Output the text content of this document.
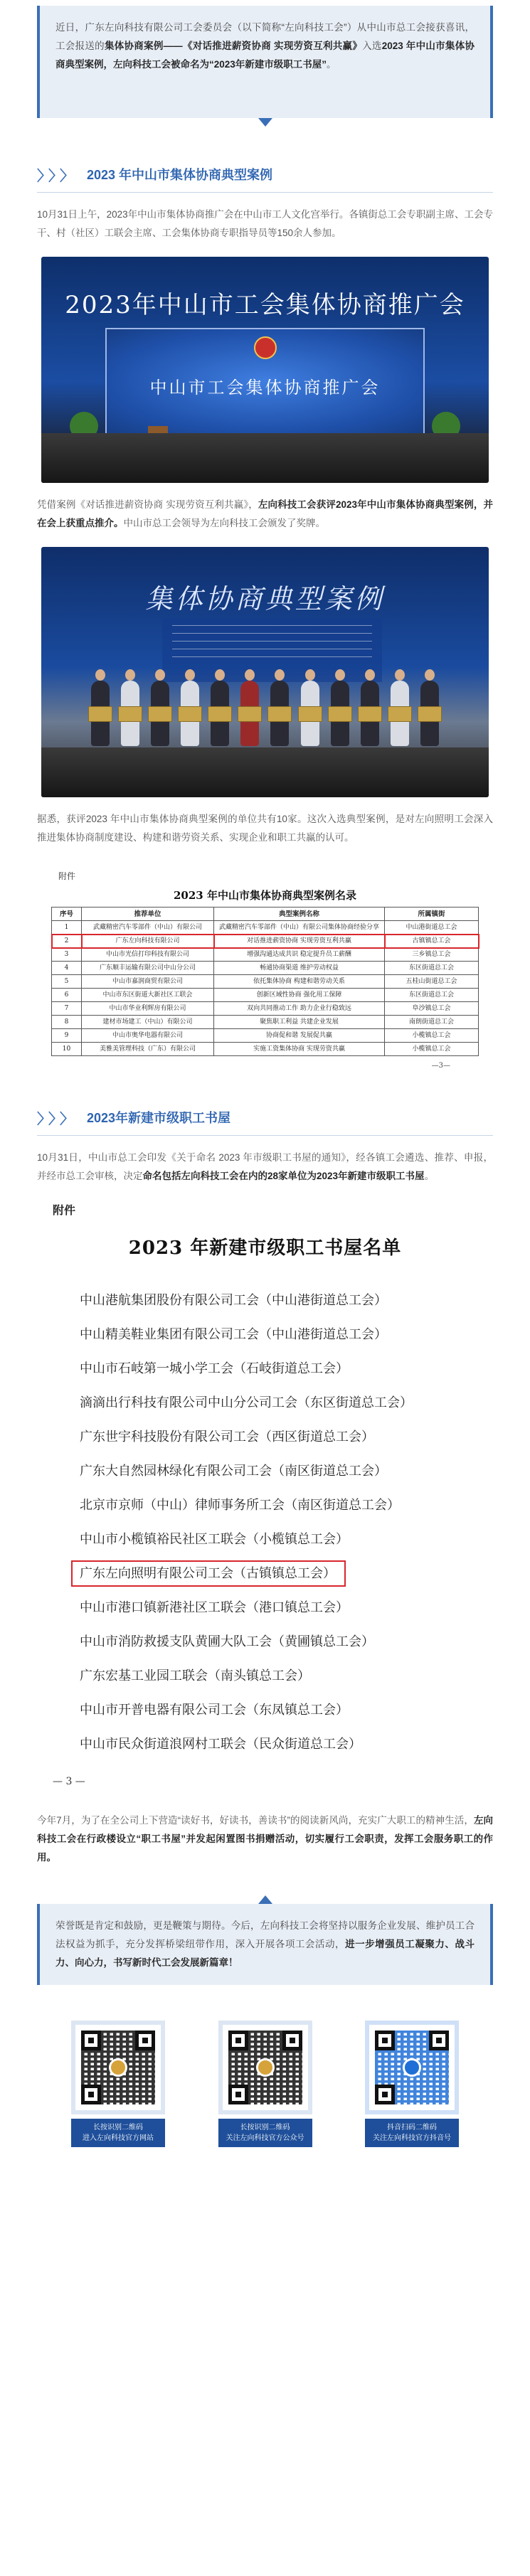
近日，广东左向科技有限公司工会委员会（以下简称“左向科技工会”）从中山市总工会接获喜讯，工会报送的集体协商案例——《对话推进薪资协商 实现劳资互利共赢》入选2023 年中山市集体协商典型案例，左向科技工会被命名为“2023年新建市级职工书屋”。
〉〉〉 2023 年中山市集体协商典型案例

10月31日上午，2023年中山市集体协商推广会在中山市工人文化宫举行。各镇街总工会专职副主席、工会专干、村（社区）工联会主席、工会集体协商专职指导员等150余人参加。

2023年中山市工会集体协商推广会
中山市工会集体协商推广会

凭借案例《对话推进薪资协商 实现劳资互利共赢》，左向科技工会获评2023年中山市集体协商典型案例，并在会上获重点推介。中山市总工会领导为左向科技工会颁发了奖牌。

集体协商典型案例

据悉，获评2023 年中山市集体协商典型案例的单位共有10家。这次入选典型案例，是对左向照明工会深入推进集体协商制度建设、构建和谐劳资关系、实现企业和职工共赢的认可。

附件
2023 年中山市集体协商典型案例名录
序号	推荐单位	典型案例名称	所属镇街
1	武藏精密汽车零部件（中山）有限公司	武藏精密汽车零部件（中山）有限公司集体协商经验分享	中山港街道总工会
2	广东左向科技有限公司	对话推进薪资协商 实现劳资互利共赢	古镇镇总工会
3	中山市光信打印科技有限公司	增强沟通达成共识 稳定提升员工薪酬	三乡镇总工会
4	广东顺丰运输有限公司中山分公司	畅通协商渠道 维护劳动权益	东区街道总工会
5	中山市嘉润商贸有限公司	依托集体协商 构建和谐劳动关系	五桂山街道总工会
6	中山市东区街道大新社区工联会	创新区域性协商 强化用工保障	东区街道总工会
7	中山市华业利辉房有限公司	双向共同推动工作 助力企业行稳致远	阜沙镇总工会
8	建材市场建工（中山）有限公司	聚焦职工利益 共建企业发展	南朗街道总工会
9	中山市奥华电器有限公司	协商促和谐 发展促共赢	小榄镇总工会
10	美雅美管理科技（广东）有限公司	实施工资集体协商 实现劳资共赢	小榄镇总工会
—3—
〉〉〉 2023年新建市级职工书屋

10月31日，中山市总工会印发《关于命名 2023 年市级职工书屋的通知》，经各镇工会遴选、推荐、申报，并经市总工会审核，决定命名包括左向科技工会在内的28家单位为2023年新建市级职工书屋。

附件
2023 年新建市级职工书屋名单
中山港航集团股份有限公司工会（中山港街道总工会）
中山精美鞋业集团有限公司工会（中山港街道总工会）
中山市石岐第一城小学工会（石岐街道总工会）
滴滴出行科技有限公司中山分公司工会（东区街道总工会）
广东世宇科技股份有限公司工会（西区街道总工会）
广东大自然园林绿化有限公司工会（南区街道总工会）
北京市京师（中山）律师事务所工会（南区街道总工会）
中山市小榄镇裕民社区工联会（小榄镇总工会）
广东左向照明有限公司工会（古镇镇总工会）
中山市港口镇新港社区工联会（港口镇总工会）
中山市消防救援支队黄圃大队工会（黄圃镇总工会）
广东宏基工业园工联会（南头镇总工会）
中山市开普电器有限公司工会（东凤镇总工会）
中山市民众街道浪网村工联会（民众街道总工会）
— 3 —

今年7月，为了在全公司上下营造“读好书，好读书，善读书”的阅读新风尚，充实广大职工的精神生活，左向科技工会在行政楼设立“职工书屋”并发起闲置图书捐赠活动，切实履行工会职责，发挥工会服务职工的作用。

荣誉既是肯定和鼓励，更是鞭策与期待。今后，左向科技工会将坚持以服务企业发展、维护员工合法权益为抓手，充分发挥桥梁纽带作用，深入开展各项工会活动，进一步增强员工凝聚力、战斗力、向心力，书写新时代工会发展新篇章！
长按识别二维码
进入左向科技官方网站
长按识别二维码
关注左向科技官方公众号
抖音扫码二维码
关注左向科技官方抖音号
